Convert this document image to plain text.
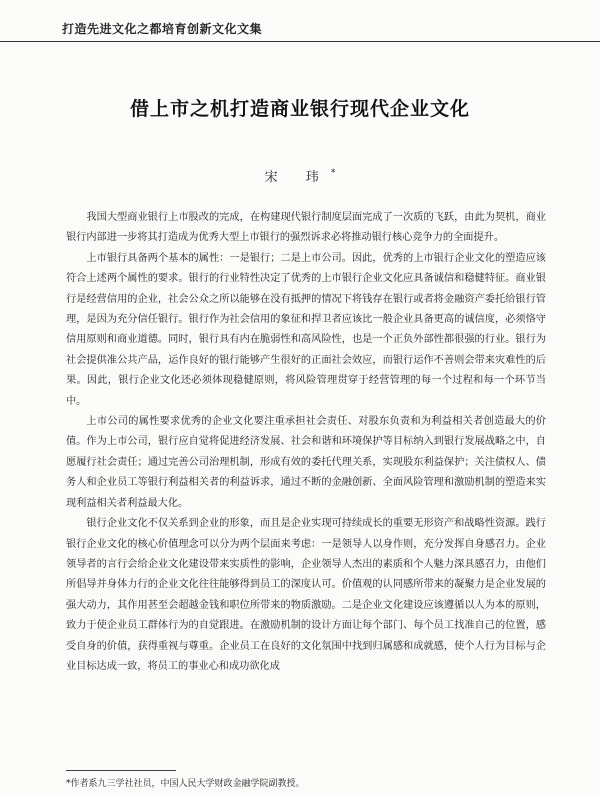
打造先进文化之都培育创新文化文集
借上市之机打造商业银行现代企业文化
宋 玮*

我国大型商业银行上市股改的完成，在构建现代银行制度层面完成了一次质的飞跃，由此为契机，商业银行内部进一步将其打造成为优秀大型上市银行的强烈诉求必将推动银行核心竞争力的全面提升。

上市银行具备两个基本的属性：一是银行；二是上市公司。因此，优秀的上市银行企业文化的塑造应该符合上述两个属性的要求。银行的行业特性决定了优秀的上市银行企业文化应具备诚信和稳健特征。商业银行是经营信用的企业，社会公众之所以能够在没有抵押的情况下将钱存在银行或者将金融资产委托给银行管理，是因为充分信任银行。银行作为社会信用的象征和捍卫者应该比一般企业具备更高的诚信度，必须恪守信用原则和商业道德。同时，银行具有内在脆弱性和高风险性，也是一个正负外部性都很强的行业。银行为社会提供准公共产品，运作良好的银行能够产生很好的正面社会效应，而银行运作不善则会带来灾难性的后果。因此，银行企业文化还必须体现稳健原则，将风险管理贯穿于经营管理的每一个过程和每一个环节当中。

上市公司的属性要求优秀的企业文化要注重承担社会责任、对股东负责和为利益相关者创造最大的价值。作为上市公司，银行应自觉将促进经济发展、社会和谐和环境保护等目标纳入到银行发展战略之中，自愿履行社会责任；通过完善公司治理机制，形成有效的委托代理关系，实现股东利益保护；关注债权人、债务人和企业员工等银行利益相关者的利益诉求，通过不断的金融创新、全面风险管理和激励机制的塑造来实现利益相关者利益最大化。

银行企业文化不仅关系到企业的形象，而且是企业实现可持续成长的重要无形资产和战略性资源。践行银行企业文化的核心价值理念可以分为两个层面来考虑：一是领导人以身作则，充分发挥自身感召力。企业领导者的言行会给企业文化建设带来实质性的影响，企业领导人杰出的素质和个人魅力深具感召力，由他们所倡导并身体力行的企业文化往往能够得到员工的深度认可。价值观的认同感所带来的凝聚力是企业发展的强大动力，其作用甚至会超越金钱和职位所带来的物质激励。二是企业文化建设应该遵循以人为本的原则，致力于使企业员工群体行为的自觉跟进。在激励机制的设计方面让每个部门、每个员工找准自己的位置，感受自身的价值，获得重视与尊重。企业员工在良好的文化氛围中找到归属感和成就感，使个人行为目标与企业目标达成一致，将员工的事业心和成功欲化成

*作者系九三学社社员，中国人民大学财政金融学院副教授。
